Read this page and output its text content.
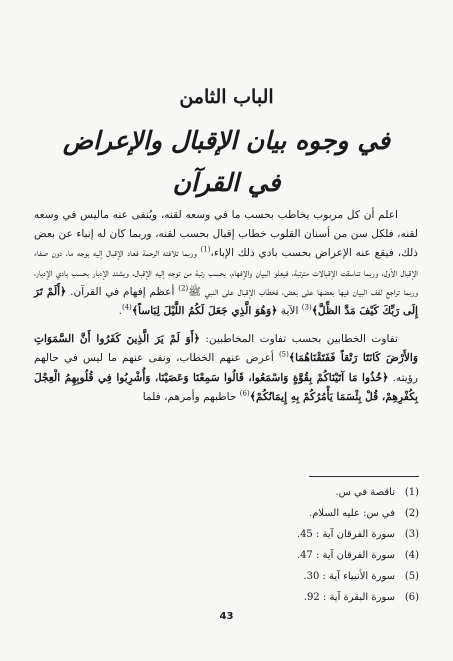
الباب الثامن
في وجوه بيان الإقبال والإعراض
في القرآن

اعلم أن كل مربوب يخاطب بحسب ما في وسعه لقنه، ويُنفى عنه ماليس في وسعه لقنه، فلكل سن من أسنان القلوب خطاب إقبال بحسب لقنه، وربما كان له إنباء عن بعض ذلك، فيقع عنه الإعراض بحسب بادي ذلك الإباء،$^{(1)}$ وربما تلافته الرحمة فعاد الإقبال إليه بوجه ما، دون صفاء الإقبال الأول، وربما تناسقت الإقبالات مترتبة، فيعلو البيان والإفهام، بحسب رتبة من توجه إليه الإقبال، ويشتد الإدبار بحسب بادي الإدبار، وربما تراجع لفف البيان فيها بعضها على بعض، فخطاب الإقبال على النبي ﷺ$^{(2)}$ أعظم إفهام في القرآن. ﴿أَلَمْ تَرَ إِلَى رَبِّكَ كَيْفَ مَدَّ الظِّلَّ﴾$^{(3)}$ الآية ﴿وَهُوَ الَّذِي جَعَلَ لَكُمُ اللَّيْلَ لِبَاساً﴾$^{(4)}$.

تفاوت الخطابين بحسب تفاوت المخاطبين: ﴿أَوَ لَمْ يَرَ الَّذِينَ كَفَرُوا أَنَّ السَّمَوَاتِ وَالأَرْضَ كَانَتَا رَتْقاً فَفَتَقْنَاهُمَا﴾$^{(5)}$ أعرض عنهم الخطاب، ونفى عنهم ما ليس في حالهم رؤيته. ﴿خُذُوا مَا آتَيْنَاكُمْ بِقُوَّةٍ وَاسْمَعُوا، قَالُوا سَمِعْنَا وَعَصَيْنَا، وَأُشْرِبُوا فِي قُلُوبِهِمُ الْعِجْلَ بِكُفْرِهِمْ، قُلْ بِئْسَمَا يَأْمُرُكُمْ بِهِ إِيمَانُكُمْ﴾$^{(6)}$ حاطبهم وأمرهم، فلما

(1)ناقصة في س.
(2)في س: عليه السلام.
(3)سورة الفرقان آية : 45.
(4)سورة الفرقان آية : 47.
(5)سورة الأنبياء آية : 30.
(6)سورة البقرة آية : 92.
43
